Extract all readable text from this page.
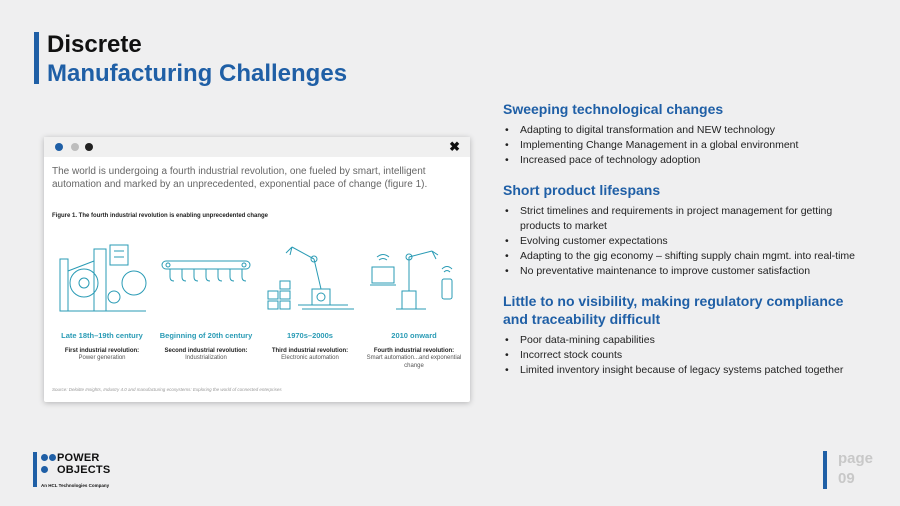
Discrete
Manufacturing Challenges
✖
The world is undergoing a fourth industrial revolution, one fueled by smart, intelligent automation and marked by an unprecedented, exponential pace of change (figure 1).
Figure 1. The fourth industrial revolution is enabling unprecedented change
Late 18th–19th century
First industrial revolution:
Power generation
Beginning of 20th century
Second industrial revolution:
Industrialization
1970s–2000s
Third industrial revolution:
Electronic automation
2010 onward
Fourth industrial revolution:
Smart automation...and exponential change
Source: Deloitte Insights, Industry 4.0 and manufacturing ecosystems: Exploring the world of connected enterprises
Sweeping technological changes
• Adapting to digital transformation and NEW technology
• Implementing Change Management in a global environment
• Increased pace of technology adoption
Short product lifespans
• Strict timelines and requirements in project management for getting products to market
• Evolving customer expectations
• Adapting to the gig economy – shifting supply chain mgmt. into real-time
• No preventative maintenance to improve customer satisfaction
Little to no visibility, making regulatory compliance and traceability difficult
• Poor data-mining capabilities
• Incorrect stock counts
• Limited inventory insight because of legacy systems patched together
POWER
OBJECTS
An HCL Technologies Company
page
09
